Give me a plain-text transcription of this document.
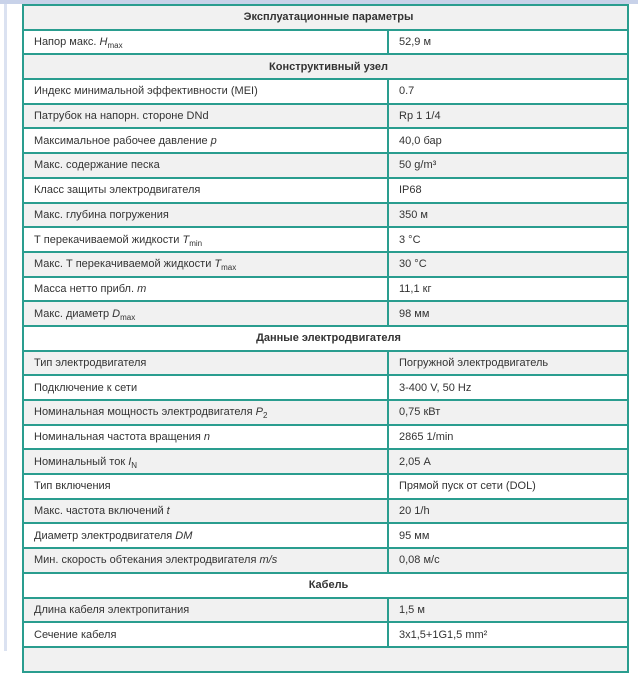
Эксплуатационные параметры	
Напор макс. $H_{max}$	52,9 м
Конструктивный узел	
Индекс минимальной эффективности (MEI)	0.7
Патрубок на напорн. стороне DNd	Rp 1 1/4
Максимальное рабочее давление p	40,0 бар
Макс. содержание песка	50 g/m³
Класс защиты электродвигателя	IP68
Макс. глубина погружения	350 м
Т перекачиваемой жидкости $T_{min}$	3 °C
Макс. Т перекачиваемой жидкости $T_{max}$	30 °C
Масса нетто прибл. m	11,1 кг
Макс. диаметр $D_{max}$	98 мм
Данные электродвигателя	
Тип электродвигателя	Погружной электродвигатель
Подключение к сети	3-400 V, 50 Hz
Номинальная мощность электродвигателя $P_2$	0,75 кВт
Номинальная частота вращения n	2865 1/min
Номинальный ток $I_N$	2,05 А
Тип включения	Прямой пуск от сети (DOL)
Макс. частота включений t	20 1/h
Диаметр электродвигателя DM	95 мм
Мин. скорость обтекания электродвигателя m/s	0,08 м/с
Кабель	
Длина кабеля электропитания	1,5 м
Сечение кабеля	3x1,5+1G1,5 mm²
